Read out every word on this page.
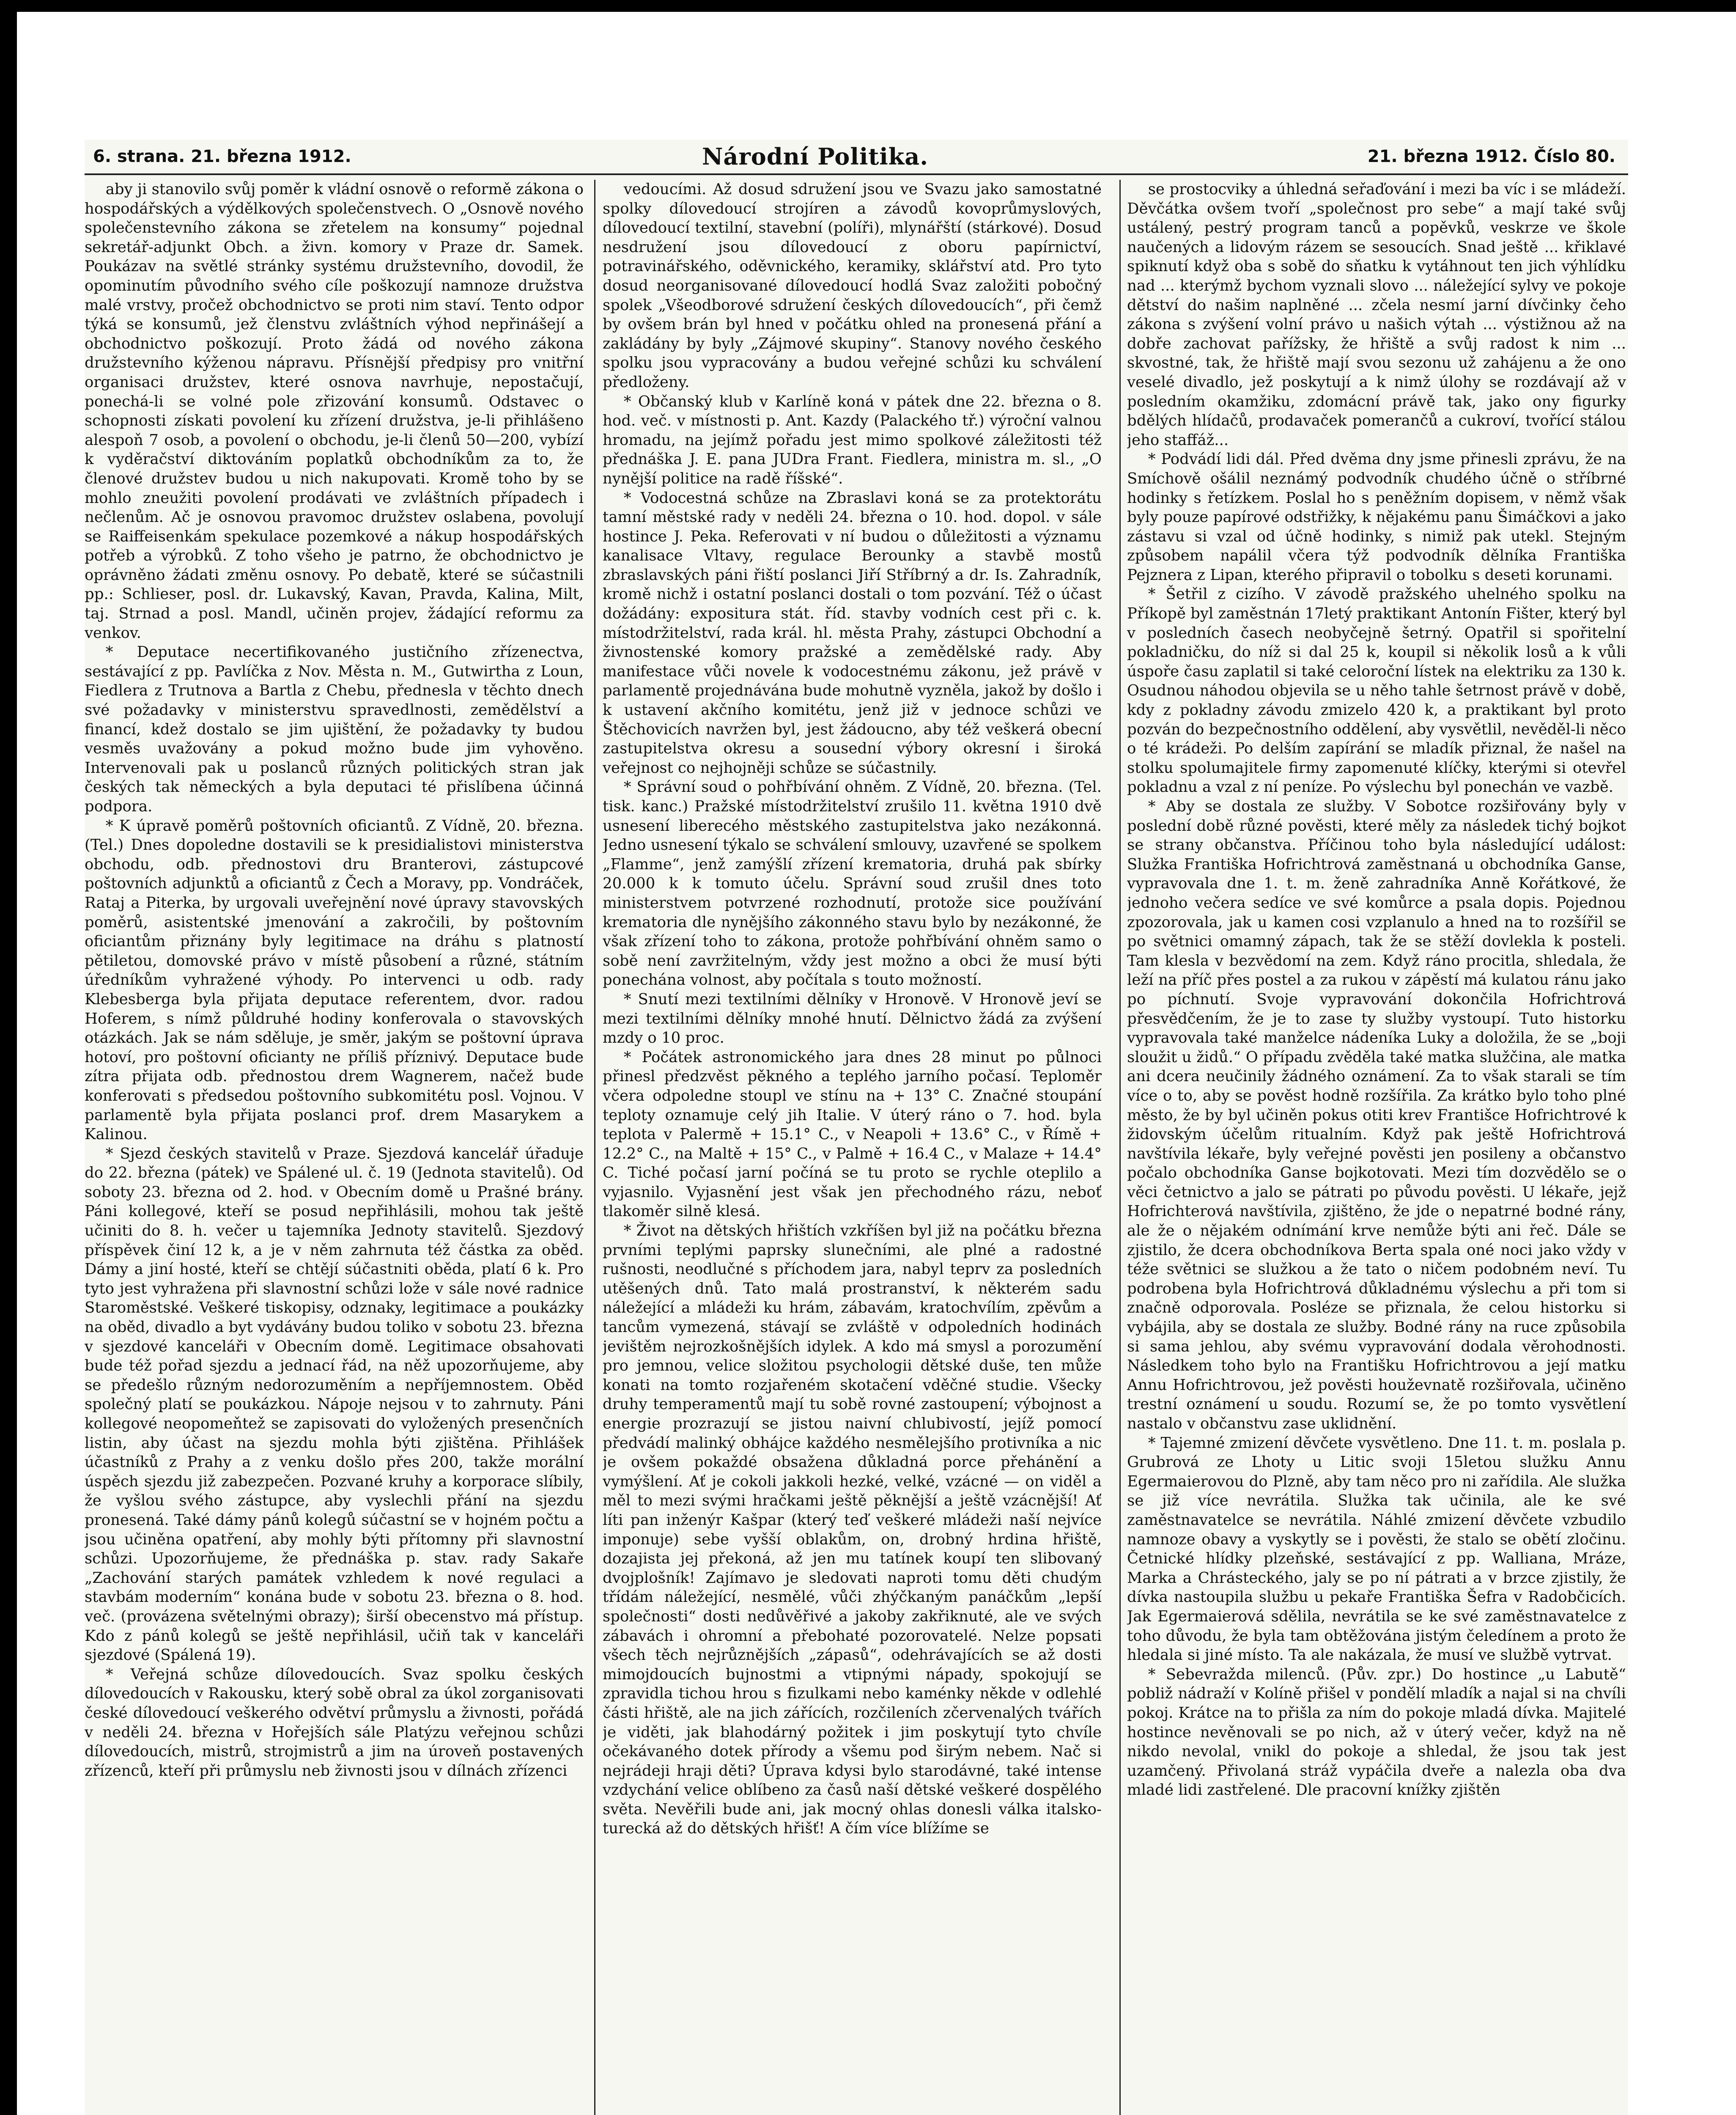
6. strana. 21. března 1912.	Národní Politika.	21. března 1912. Číslo 80.

aby ji stanovilo svůj poměr k vládní osnově o reformě zákona o hospodářských a výdělkových společenstvech. O „Osnově nového společenstevního zákona se zřetelem na konsumy“ pojednal sekretář-adjunkt Obch. a živn. komory v Praze dr. Samek. Poukázav na světlé stránky systému družstevního, dovodil, že opominutím původního svého cíle poškozují namnoze družstva malé vrstvy, pročež obchodnictvo se proti nim staví. Tento odpor týká se konsumů, jež členstvu zvláštních výhod nepřinášejí a obchodnictvo poškozují. Proto žádá od nového zákona družstevního kýženou nápravu. Přísnější předpisy pro vnitřní organisaci družstev, které osnova navrhuje, nepostačují, ponechá-li se volné pole zřizování konsumů. Odstavec o schopnosti získati povolení ku zřízení družstva, je-li přihlášeno alespoň 7 osob, a povolení o obchodu, je-li členů 50—200, vybízí k vyděračství diktováním poplatků obchodníkům za to, že členové družstev budou u nich nakupovati. Kromě toho by se mohlo zneužiti povolení prodávati ve zvláštních případech i nečlenům. Ač je osnovou pravomoc družstev oslabena, povolují se Raiffeisenkám spekulace pozemkové a nákup hospodářských potřeb a výrobků. Z toho všeho je patrno, že obchodnictvo je oprávněno žádati změnu osnovy. Po debatě, které se súčastnili pp.: Schlieser, posl. dr. Lukavský, Kavan, Pravda, Kalina, Milt, taj. Strnad a posl. Mandl, učiněn projev, žádající reformu za venkov.

* Deputace necertifikovaného justičního zřízenectva, sestávající z pp. Pavlíčka z Nov. Města n. M., Gutwirtha z Loun, Fiedlera z Trutnova a Bartla z Chebu, přednesla v těchto dnech své požadavky v ministerstvu spravedlnosti, zemědělství a financí, kdež dostalo se jim ujištění, že požadavky ty budou vesměs uvažovány a pokud možno bude jim vyhověno. Intervenovali pak u poslanců různých politických stran jak českých tak německých a byla deputaci té přislíbena účinná podpora.

* K úpravě poměrů poštovních oficiantů. Z Vídně, 20. března. (Tel.) Dnes dopoledne dostavili se k presidialistovi ministerstva obchodu, odb. přednostovi dru Branterovi, zástupcové poštovních adjunktů a oficiantů z Čech a Moravy, pp. Vondráček, Rataj a Piterka, by urgovali uveřejnění nové úpravy stavovských poměrů, asistentské jmenování a zakročili, by poštovním oficiantům přiznány byly legitimace na dráhu s platností pětiletou, domovské právo v místě působení a různé, státním úředníkům vyhražené výhody. Po intervenci u odb. rady Klebesberga byla přijata deputace referentem, dvor. radou Hoferem, s nímž půldruhé hodiny konferovala o stavovských otázkách. Jak se nám sděluje, je směr, jakým se poštovní úprava hotoví, pro poštovní oficianty ne příliš příznivý. Deputace bude zítra přijata odb. přednostou drem Wagnerem, načež bude konferovati s předsedou poštovního subkomitétu posl. Vojnou. V parlamentě byla přijata poslanci prof. drem Masarykem a Kalinou.

* Sjezd českých stavitelů v Praze. Sjezdová kancelář úřaduje do 22. března (pátek) ve Spálené ul. č. 19 (Jednota stavitelů). Od soboty 23. března od 2. hod. v Obecním domě u Prašné brány. Páni kollegové, kteří se posud nepřihlásili, mohou tak ještě učiniti do 8. h. večer u tajemníka Jednoty stavitelů. Sjezdový příspěvek činí 12 k, a je v něm zahrnuta též částka za oběd. Dámy a jiní hosté, kteří se chtějí súčastniti oběda, platí 6 k. Pro tyto jest vyhražena při slavnostní schůzi lože v sále nové radnice Staroměstské. Veškeré tiskopisy, odznaky, legitimace a poukázky na oběd, divadlo a byt vydávány budou toliko v sobotu 23. března v sjezdové kanceláři v Obecním domě. Legitimace obsahovati bude též pořad sjezdu a jednací řád, na něž upozorňujeme, aby se předešlo různým nedorozuměním a nepříjemnostem. Oběd společný platí se poukázkou. Nápoje nejsou v to zahrnuty. Páni kollegové neopomeňtež se zapisovati do vyložených presenčních listin, aby účast na sjezdu mohla býti zjištěna. Přihlášek účastníků z Prahy a z venku došlo přes 200, takže morální úspěch sjezdu již zabezpečen. Pozvané kruhy a korporace slíbily, že vyšlou svého zástupce, aby vyslechli přání na sjezdu pronesená. Také dámy pánů kolegů súčastní se v hojném počtu a jsou učiněna opatření, aby mohly býti přítomny při slavnostní schůzi. Upozorňujeme, že přednáška p. stav. rady Sakaře „Zachování starých památek vzhledem k nové regulaci a stavbám moderním“ konána bude v sobotu 23. března o 8. hod. več. (provázena světelnými obrazy); širší obecenstvo má přístup. Kdo z pánů kolegů se ještě nepřihlásil, učiň tak v kanceláři sjezdové (Spálená 19).

* Veřejná schůze dílovedoucích. Svaz spolku českých dílovedoucích v Rakousku, který sobě obral za úkol zorganisovati české dílovedoucí veškerého odvětví průmyslu a živnosti, pořádá v neděli 24. března v Hořejších sále Platýzu veřejnou schůzi dílovedoucích, mistrů, strojmistrů a jim na úroveň postavených zřízenců, kteří při průmyslu neb živnosti jsou v dílnách zřízenci

vedoucími. Až dosud sdružení jsou ve Svazu jako samostatné spolky dílovedoucí strojíren a závodů kovoprůmyslových, dílovedoucí textilní, stavební (políři), mlynářští (stárkové). Dosud nesdružení jsou dílovedoucí z oboru papírnictví, potravinářského, oděvnického, keramiky, sklářství atd. Pro tyto dosud neorganisované dílovedoucí hodlá Svaz založiti pobočný spolek „Všeodborové sdružení českých dílovedoucích“, při čemž by ovšem brán byl hned v počátku ohled na pronesená přání a zakládány by byly „Zájmové skupiny“. Stanovy nového českého spolku jsou vypracovány a budou veřejné schůzi ku schválení předloženy.

* Občanský klub v Karlíně koná v pátek dne 22. března o 8. hod. več. v místnosti p. Ant. Kazdy (Palackého tř.) výroční valnou hromadu, na jejímž pořadu jest mimo spolkové záležitosti též přednáška J. E. pana JUDra Frant. Fiedlera, ministra m. sl., „O nynější politice na radě říšské“.

* Vodocestná schůze na Zbraslavi koná se za protektorátu tamní městské rady v neděli 24. března o 10. hod. dopol. v sále hostince J. Peka. Referovati v ní budou o důležitosti a významu kanalisace Vltavy, regulace Berounky a stavbě mostů zbraslavských páni řiští poslanci Jiří Stříbrný a dr. Is. Zahradník, kromě nichž i ostatní poslanci dostali o tom pozvání. Též o účast dožádány: expositura stát. říd. stavby vodních cest při c. k. místodržitelství, rada král. hl. města Prahy, zástupci Obchodní a živnostenské komory pražské a zemědělské rady. Aby manifestace vůči novele k vodocestnému zákonu, jež právě v parlamentě projednávána bude mohutně vyzněla, jakož by došlo i k ustavení akčního komitétu, jenž již v jednoce schůzi ve Štěchovicích navržen byl, jest žádoucno, aby též veškerá obecní zastupitelstva okresu a sousední výbory okresní i široká veřejnost co nejhojněji schůze se súčastnily.

* Správní soud o pohřbívání ohněm. Z Vídně, 20. března. (Tel. tisk. kanc.) Pražské místodržitelství zrušilo 11. května 1910 dvě usnesení liberecého městského zastupitelstva jako nezákonná. Jedno usnesení týkalo se schválení smlouvy, uzavřené se spolkem „Flamme“, jenž zamýšlí zřízení krematoria, druhá pak sbírky 20.000 k k tomuto účelu. Správní soud zrušil dnes toto ministerstvem potvrzené rozhodnutí, protože sice používání krematoria dle nynějšího zákonného stavu bylo by nezákonné, že však zřízení toho to zákona, protože pohřbívání ohněm samo o sobě není zavržitelným, vždy jest možno a obci že musí býti ponechána volnost, aby počítala s touto možností.

* Snutí mezi textilními dělníky v Hronově. V Hronově jeví se mezi textilními dělníky mnohé hnutí. Dělnictvo žádá za zvýšení mzdy o 10 proc.

* Počátek astronomického jara dnes 28 minut po půlnoci přinesl předzvěst pěkného a teplého jarního počasí. Teploměr včera odpoledne stoupl ve stínu na + 13° C. Značné stoupání teploty oznamuje celý jih Italie. V úterý ráno o 7. hod. byla teplota v Palermě + 15.1° C., v Neapoli + 13.6° C., v Římě + 12.2° C., na Maltě + 15° C., v Palmě + 16.4 C., v Malaze + 14.4° C. Tiché počasí jarní počíná se tu proto se rychle oteplilo a vyjasnilo. Vyjasnění jest však jen přechodného rázu, neboť tlakoměr silně klesá.

* Život na dětských hřištích vzkříšen byl již na počátku března prvními teplými paprsky slunečními, ale plné a radostné rušnosti, neodlučné s příchodem jara, nabyl teprv za posledních utěšených dnů. Tato malá prostranství, k některém sadu náležející a mládeži ku hrám, zábavám, kratochvílím, zpěvům a tancům vymezená, stávají se zvláště v odpoledních hodinách jevištěm nejrozkošnějších idylek. A kdo má smysl a porozumění pro jemnou, velice složitou psychologii dětské duše, ten může konati na tomto rozjařeném skotačení vděčné studie. Všecky druhy temperamentů mají tu sobě rovné zastoupení; výbojnost a energie prozrazují se jistou naivní chlubivostí, jejíž pomocí předvádí malinký obhájce každého nesmělejšího protivníka a nic je ovšem pokaždé obsažena důkladná porce přehánění a vymýšlení. Ať je cokoli jakkoli hezké, velké, vzácné — on viděl a měl to mezi svými hračkami ještě pěknější a ještě vzácnější! Ať líti pan inženýr Kašpar (který teď veškeré mládeži naší nejvíce imponuje) sebe vyšší oblakům, on, drobný hrdina hřiště, dozajista jej překoná, až jen mu tatínek koupí ten slibovaný dvojplošník! Zajímavo je sledovati naproti tomu děti chudým třídám náležející, nesmělé, vůči zhýčkaným panáčkům „lepší společnosti“ dosti nedůvěřivé a jakoby zakřiknuté, ale ve svých zábavách i ohromní a přebohaté pozorovatelé. Nelze popsati všech těch nejrůznějších „zápasů“, odehrávajících se až dosti mimojdoucích bujnostmi a vtipnými nápady, spokojují se zpravidla tichou hrou s fizulkami nebo kaménky někde v odlehlé části hřiště, ale na jich zářících, rozčileních zčervenalých tvářích je viděti, jak blahodárný požitek i jim poskytují tyto chvíle očekávaného dotek přírody a všemu pod širým nebem. Nač si nejrádeji hraji děti? Úprava kdysi bylo starodávné, také intense vzdychání velice oblíbeno za časů naší dětské veškeré dospělého světa. Nevěřili bude ani, jak mocný ohlas donesli válka italsko-turecká až do dětských hřišť! A čím více blížíme se

se prostocviky a úhledná seřaďování i mezi ba víc i se mládeží. Děvčátka ovšem tvoří „společnost pro sebe“ a mají také svůj ustálený, pestrý program tanců a popěvků, veskrze ve škole naučených a lidovým rázem se sesoucích. Snad ještě ... křiklavé spiknutí když oba s sobě do sňatku k vytáhnout ten jich výhlídku nad ... kterýmž bychom vyznali slovo ... náležející sylvy ve pokoje dětství do našim naplněné ... zčela nesmí jarní dívčinky čeho zákona s zvýšení volní právo u našich výtah ... výstižnou až na dobře zachovat pařížsky, že hřiště a svůj radost k nim ... skvostné, tak, že hřiště mají svou sezonu už zahájenu a že ono veselé divadlo, jež poskytují a k nimž úlohy se rozdávají až v posledním okamžiku, zdomácní právě tak, jako ony figurky bdělých hlídačů, prodavaček pomerančů a cukroví, tvořící stálou jeho staffáž...

* Podvádí lidi dál. Před dvěma dny jsme přinesli zprávu, že na Smíchově ošálil neznámý podvodník chudého účně o stříbrné hodinky s řetízkem. Poslal ho s peněžním dopisem, v němž však byly pouze papírové odstřižky, k nějakému panu Šimáčkovi a jako zástavu si vzal od účně hodinky, s nimiž pak utekl. Stejným způsobem napálil včera týž podvodník dělníka Františka Pejznera z Lipan, kterého připravil o tobolku s deseti korunami.

* Šetřil z cizího. V závodě pražského uhelného spolku na Příkopě byl zaměstnán 17letý praktikant Antonín Fišter, který byl v posledních časech neobyčejně šetrný. Opatřil si spořitelní pokladničku, do níž si dal 25 k, koupil si několik losů a k vůli úspoře času zaplatil si také celoroční lístek na elektriku za 130 k. Osudnou náhodou objevila se u něho tahle šetrnost právě v době, kdy z pokladny závodu zmizelo 420 k, a praktikant byl proto pozván do bezpečnostního oddělení, aby vysvětlil, nevěděl-li něco o té krádeži. Po delším zapírání se mladík přiznal, že našel na stolku spolumajitele firmy zapomenuté klíčky, kterými si otevřel pokladnu a vzal z ní peníze. Po výslechu byl ponechán ve vazbě.

* Aby se dostala ze služby. V Sobotce rozšiřovány byly v poslední době různé pověsti, které měly za následek tichý bojkot se strany občanstva. Příčinou toho byla následující událost: Služka Františka Hofrichtrová zaměstnaná u obchodníka Ganse, vypravovala dne 1. t. m. ženě zahradníka Anně Kořátkové, že jednoho večera sedíce ve své komůrce a psala dopis. Pojednou zpozorovala, jak u kamen cosi vzplanulo a hned na to rozšířil se po světnici omamný zápach, tak že se stěží dovlekla k posteli. Tam klesla v bezvědomí na zem. Když ráno procitla, shledala, že leží na příč přes postel a za rukou v zápěstí má kulatou ránu jako po píchnutí. Svoje vypravování dokončila Hofrichtrová přesvědčením, že je to zase ty služby vystoupí. Tuto historku vypravovala také manželce nádeníka Luky a doložila, že se „boji sloužit u židů.“ O případu zvěděla také matka služčina, ale matka ani dcera neučinily žádného oznámení. Za to však starali se tím více o to, aby se pověst hodně rozšířila. Za krátko bylo toho plné město, že by byl učiněn pokus otiti krev Františce Hofrichtrové k židovským účelům ritualním. Když pak ještě Hofrichtrová navštívila lékaře, byly veřejné pověsti jen posileny a občanstvo počalo obchodníka Ganse bojkotovati. Mezi tím dozvědělo se o věci četnictvo a jalo se pátrati po původu pověsti. U lékaře, jejž Hofrichterová navštívila, zjištěno, že jde o nepatrné bodné rány, ale že o nějakém odnímání krve nemůže býti ani řeč. Dále se zjistilo, že dcera obchodníkova Berta spala oné noci jako vždy v téže světnici se služkou a že tato o ničem podobném neví. Tu podrobena byla Hofrichtrová důkladnému výslechu a při tom si značně odporovala. Posléze se přiznala, že celou historku si vybájila, aby se dostala ze služby. Bodné rány na ruce způsobila si sama jehlou, aby svému vypravování dodala věrohodnosti. Následkem toho bylo na Františku Hofrichtrovou a její matku Annu Hofrichtrovou, jež pověsti houževnatě rozšiřovala, učiněno trestní oznámení u soudu. Rozumí se, že po tomto vysvětlení nastalo v občanstvu zase uklidnění.

* Tajemné zmizení děvčete vysvětleno. Dne 11. t. m. poslala p. Grubrová ze Lhoty u Litic svoji 15letou služku Annu Egermaierovou do Plzně, aby tam něco pro ni zařídila. Ale služka se již více nevrátila. Služka tak učinila, ale ke své zaměstnavatelce se nevrátila. Náhlé zmizení děvčete vzbudilo namnoze obavy a vyskytly se i pověsti, že stalo se obětí zločinu. Četnické hlídky plzeňské, sestávající z pp. Walliana, Mráze, Marka a Chrásteckého, jaly se po ní pátrati a v brzce zjistily, že dívka nastoupila službu u pekaře Františka Šefra v Radobčicích. Jak Egermaierová sdělila, nevrátila se ke své zaměstnavatelce z toho důvodu, že byla tam obtěžována jistým čeledínem a proto že hledala si jiné místo. Ta ale nakázala, že musí ve službě vytrvat.

* Sebevražda milenců. (Pův. zpr.) Do hostince „u Labutě“ pobliž nádraží v Kolíně přišel v pondělí mladík a najal si na chvíli pokoj. Krátce na to přišla za ním do pokoje mladá dívka. Majitelé hostince nevěnovali se po nich, až v úterý večer, když na ně nikdo nevolal, vnikl do pokoje a shledal, že jsou tak jest uzamčený. Přivolaná stráž vypáčila dveře a nalezla oba dva mladé lidi zastřelené. Dle pracovní knížky zjištěn
